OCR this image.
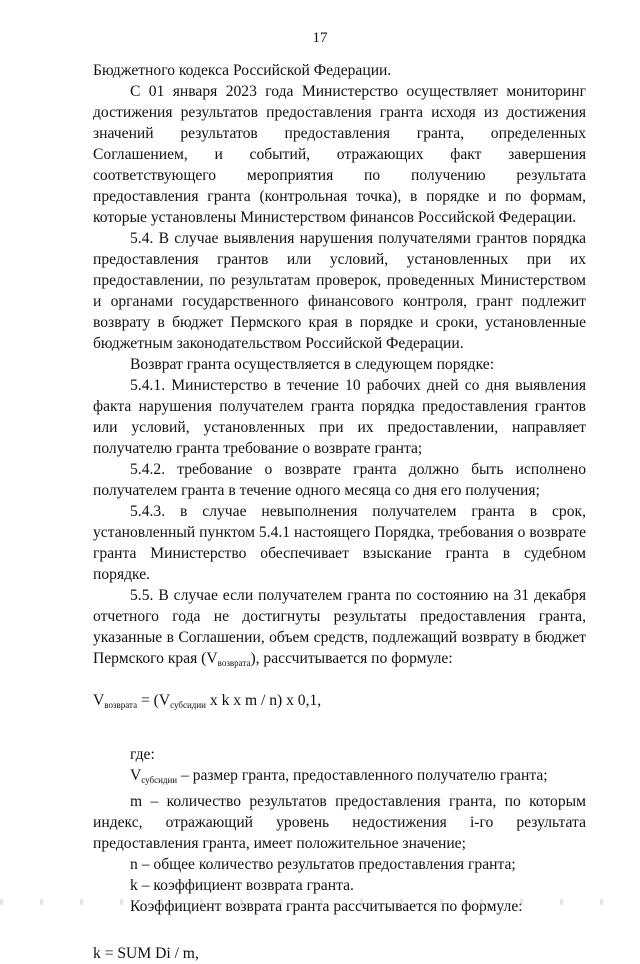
17

Бюджетного кодекса Российской Федерации.

С 01 января 2023 года Министерство осуществляет мониторинг достижения результатов предоставления гранта исходя из достижения значений результатов предоставления гранта, определенных Соглашением, и событий, отражающих факт завершения соответствующего мероприятия по получению результата предоставления гранта (контрольная точка), в порядке и по формам, которые установлены Министерством финансов Российской Федерации.

5.4. В случае выявления нарушения получателями грантов порядка предоставления грантов или условий, установленных при их предоставлении, по результатам проверок, проведенных Министерством и органами государственного финансового контроля, грант подлежит возврату в бюджет Пермского края в порядке и сроки, установленные бюджетным законодательством Российской Федерации.

Возврат гранта осуществляется в следующем порядке:

5.4.1. Министерство в течение 10 рабочих дней со дня выявления факта нарушения получателем гранта порядка предоставления грантов или условий, установленных при их предоставлении, направляет получателю гранта требование о возврате гранта;

5.4.2. требование о возврате гранта должно быть исполнено получателем гранта в течение одного месяца со дня его получения;

5.4.3. в случае невыполнения получателем гранта в срок, установленный пунктом 5.4.1 настоящего Порядка, требования о возврате гранта Министерство обеспечивает взыскание гранта в судебном порядке.

5.5. В случае если получателем гранта по состоянию на 31 декабря отчетного года не достигнуты результаты предоставления гранта, указанные в Соглашении, объем средств, подлежащий возврату в бюджет Пермского края $(V_{возврата})$, рассчитывается по формуле:

$V_{возврата} = (V_{субсидии}$ x k x m / n) x 0,1,

где:

$V_{субсидии}$ – размер гранта, предоставленного получателю гранта;

m – количество результатов предоставления гранта, по которым индекс, отражающий уровень недостижения i-го результата предоставления гранта, имеет положительное значение;

n – общее количество результатов предоставления гранта;

k – коэффициент возврата гранта.

Коэффициент возврата гранта рассчитывается по формуле:

k = SUM Di / m,
